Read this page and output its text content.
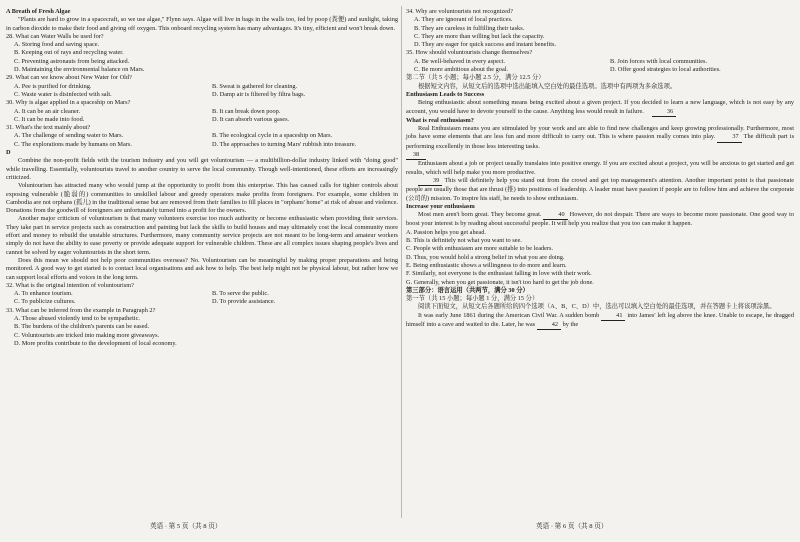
A Breath of Fresh Algae

"Plants are hard to grow in a spacecraft, so we use algae," Flynn says. Algae will live in bags in the walls too, fed by poop (粪便) and sunlight, taking in carbon dioxide to make their food and giving off oxygen. This onboard recycling system has many advantages. It's tiny, efficient and won't break down.

28. What can Water Walls be used for?

A. Storing food and saving space.
B. Keeping out of rays and recycling water.
C. Preventing astronauts from being attacked.
D. Maintaining the environmental balance on Mars.

29. What can we know about New Water for Old?

A. Pee is purified for drinking.	B. Sweat is gathered for cleaning.
C. Waste water is disinfected with salt.	D. Damp air is filtered by filtra bags.

30. Why is algae applied in a spaceship on Mars?

A. It can be an air cleaner.	B. It can break down poop.
C. It can be made into food.	D. It can absorb various gases.

31. What's the text mainly about?

A. The challenge of sending water to Mars.	B. The ecological cycle in a spaceship on Mars.
C. The explorations made by humans on Mars.	D. The approaches to turning Mars' rubbish into treasure.

D

Combine the non-profit fields with the tourism industry and you will get voluntourism — a multibillion-dollar industry linked with "doing good" while travelling. Essentially, voluntourists travel to another country to serve the local community. Though well-intentioned, these efforts are increasingly criticized.

Voluntourism has attracted many who would jump at the opportunity to profit from this enterprise. This has caused calls for tighter controls about exposing vulnerable (脆弱的) communities to unskilled labour and greedy operators make profits from foreigners. For example, some children in Cambodia are not orphans (孤儿) in the traditional sense but are removed from their families to fill places in "orphans' home" at risk of abuse and violence. Donations from the goodwill of foreigners are unfortunately turned into a profit for the owners.

Another major criticism of voluntourism is that many volunteers exercise too much authority or become enthusiastic when providing their services. They take part in service projects such as construction and painting but lack the skills to build houses and may ultimately cost the local community more effort and money to rebuild the unstable structures. Furthermore, many community service projects are not meant to be long-term and amateur workers simply do not have the ability to ease poverty or provide adequate support for vulnerable children. These are all complex issues shaping people's lives and cannot be solved by eager voluntourists in the short term.

Does this mean we should not help poor communities overseas? No. Voluntourism can be meaningful by making proper preparations and being monitored. A good way to get started is to contact local organisations and ask how to help. The best help might not be physical labour, but rather how we can support local efforts and voices in the long term.

32. What is the original intention of voluntourism?

A. To enhance tourism.	B. To serve the public.
C. To publicize cultures.	D. To provide assistance.

33. What can be inferred from the example in Paragraph 2?

A. Those abused violently tend to be sympathetic.
B. The burdens of the children's parents can be eased.
C. Voluntourists are tricked into making more giveaways.
D. More profits contribute to the development of local economy.

34. Why are voluntourists not recognized?

A. They are ignorant of local practices.
B. They are careless in fulfilling their tasks.
C. They are more than willing but lack the capacity.
D. They are eager for quick success and instant benefits.

35. How should voluntourists change themselves?

A. Be well-behaved in every aspect.	B. Join forces with local communities.
C. Be more ambitious about the goal.	D. Offer good strategies to local authorities.

第二节（共 5 小题；每小题 2.5 分，满分 12.5 分）

根据短文内容，从短文后的选项中选出能填入空白处的最佳选项。选项中有两项为多余选项。

Enthusiasm Leads to Success

Being enthusiastic about something means being excited about a given project. If you decided to learn a new language, which is not easy by any account, you would have to devote yourself to the cause. Anything less would result in failure.	36

What is real enthusiasm?

Real Enthusiasm means you are stimulated by your work and are able to find new challenges and keep growing professionally. Furthermore, most jobs have some elements that are less fun and more difficult to carry out. This is where passion really comes into play.	37 The difficult part is performing excellently in those less interesting tasks.

38

Enthusiasm about a job or project usually translates into positive energy. If you are excited about a project, you will be anxious to get started and get results, which will help make you more productive.

39 This will definitely help you stand out from the crowd and get top management's attention. Another important point is that passionate people are usually those that are thrust (推) into positions of leadership. A leader must have passion if people are to follow him and achieve the corporate (公司的) mission. To inspire his staff, he needs to show enthusiasm.

Increase your enthusiasm

Most men aren't born great. They become great.	40 However, do not despair. There are ways to become more passionate. One good way to boost your interest is by reading about successful people. It will help you realize that you too can make it happen.

A. Passion helps you get ahead.
B. This is definitely not what you want to see.
C. People with enthusiasm are more suitable to be leaders.
D. Thus, you would hold a strong belief in what you are doing.
E. Being enthusiastic shows a willingness to do more and learn.
F. Similarly, not everyone is the enthusiast falling in love with their work.
G. Generally, when you get passionate, it isn't too hard to get the job done.

第三部分：语言运用（共两节，满分 30 分）

第一节（共 15 小题；每小题 1 分，满分 15 分）

阅读下面短文，从短文后各题所给的四个选项（A、B、C、D）中，选出可以填入空白处的最佳选项，并在答题卡上将该项涂黑。

It was early June 1861 during the American Civil War. A sudden bomb	41 into James' left leg above the knee. Unable to escape, he dragged himself into a cave and waited to die. Later, he was	42 by the

英语 · 第 5 页（共 8 页）	英语 · 第 6 页（共 8 页）
